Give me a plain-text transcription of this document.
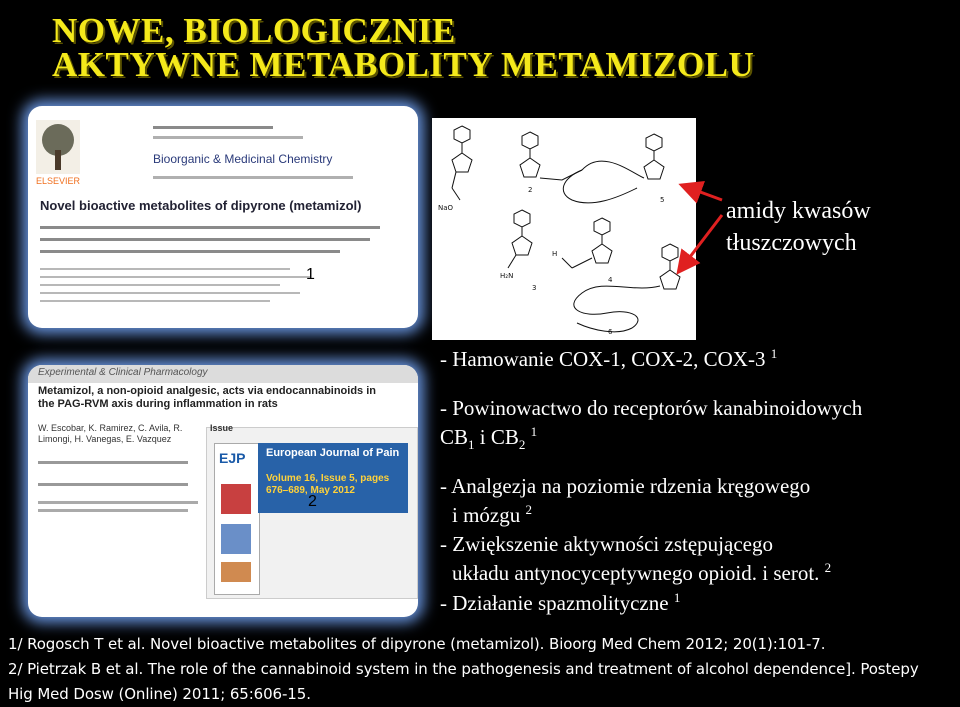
NOWE, BIOLOGICZNIE
AKTYWNE METABOLITY METAMIZOLU
ELSEVIER
Bioorganic & Medicinal Chemistry
Novel bioactive metabolites of dipyrone (metamizol)
1
Experimental & Clinical Pharmacology
Metamizol, a non-opioid analgesic, acts via endocannabinoids in the PAG-RVM axis during inflammation in rats
W. Escobar, K. Ramirez, C. Avila, R. Limongi, H. Vanegas, E. Vazquez
Issue
EJP European Journal of Pain
Volume 16, Issue 5, pages 676–689, May 2012
2
2
5
3
4
6
NaO
H₂N
H
amidy kwasów
tłuszczowych
- Hamowanie COX-1, COX-2, COX-3 $^1$
- Powinowactwo do receptorów kanabinoidowych
$CB_1$ i $CB_2$ $^1$
- Analgezja na poziomie rdzenia kręgowego
i mózgu $^2$
- Zwiększenie aktywności zstępującego
układu antynocyceptywnego opioid. i serot. $^2$
- Działanie spazmolityczne $^1$
1/ Rogosch T et al. Novel bioactive metabolites of dipyrone (metamizol). Bioorg Med Chem 2012; 20(1):101-7.
2/ Pietrzak B et al. The role of the cannabinoid system in the pathogenesis and treatment of alcohol dependence]. Postepy
Hig Med Dosw (Online) 2011; 65:606-15.
